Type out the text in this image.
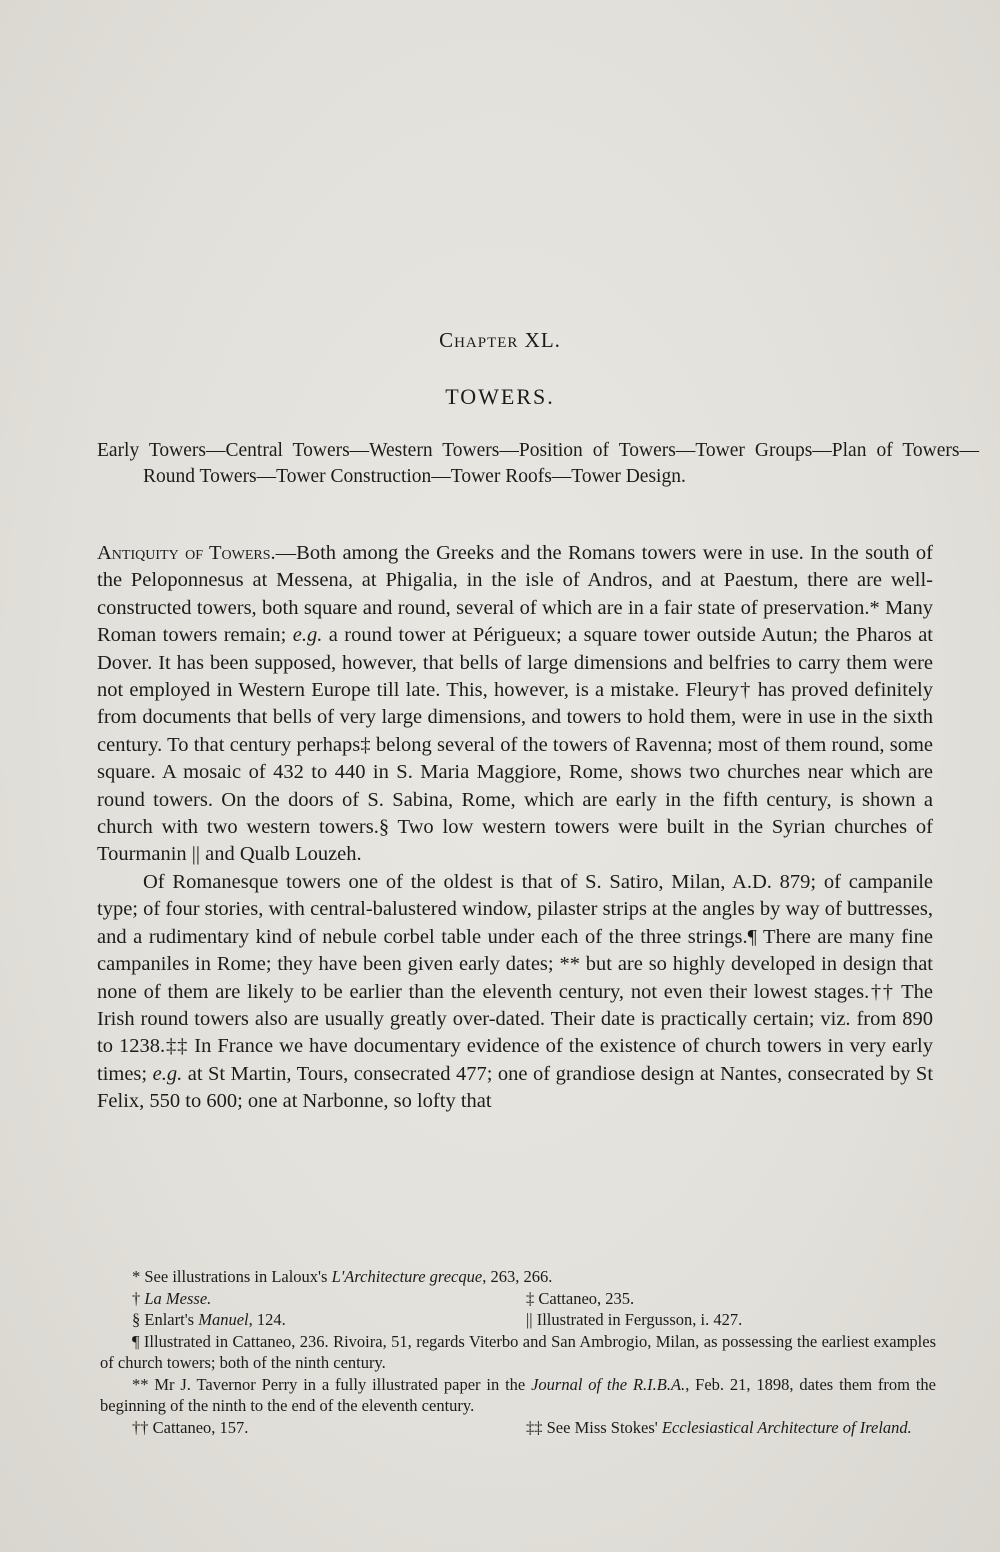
Chapter XL.
TOWERS.

Early Towers—Central Towers—Western Towers—Position of Towers—Tower Groups—Plan of Towers—Round Towers—Tower Construction—Tower Roofs—Tower Design.

Antiquity of Towers.—Both among the Greeks and the Romans towers were in use. In the south of the Peloponnesus at Messena, at Phigalia, in the isle of Andros, and at Paestum, there are well-constructed towers, both square and round, several of which are in a fair state of preservation.* Many Roman towers remain; e.g. a round tower at Périgueux; a square tower outside Autun; the Pharos at Dover. It has been supposed, however, that bells of large dimensions and belfries to carry them were not employed in Western Europe till late. This, however, is a mistake. Fleury† has proved definitely from documents that bells of very large dimensions, and towers to hold them, were in use in the sixth century. To that century perhaps‡ belong several of the towers of Ravenna; most of them round, some square. A mosaic of 432 to 440 in S. Maria Maggiore, Rome, shows two churches near which are round towers. On the doors of S. Sabina, Rome, which are early in the fifth century, is shown a church with two western towers.§ Two low western towers were built in the Syrian churches of Tourmanin || and Qualb Louzeh.

Of Romanesque towers one of the oldest is that of S. Satiro, Milan, A.D. 879; of campanile type; of four stories, with central-balustered window, pilaster strips at the angles by way of buttresses, and a rudimentary kind of nebule corbel table under each of the three strings.¶ There are many fine campaniles in Rome; they have been given early dates; ** but are so highly developed in design that none of them are likely to be earlier than the eleventh century, not even their lowest stages.†† The Irish round towers also are usually greatly over-dated. Their date is practically certain; viz. from 890 to 1238.‡‡ In France we have documentary evidence of the existence of church towers in very early times; e.g. at St Martin, Tours, consecrated 477; one of grandiose design at Nantes, consecrated by St Felix, 550 to 600; one at Narbonne, so lofty that

* See illustrations in Laloux's L'Architecture grecque, 263, 266.
† La Messe.	‡ Cattaneo, 235.
§ Enlart's Manuel, 124.	|| Illustrated in Fergusson, i. 427.

¶ Illustrated in Cattaneo, 236. Rivoira, 51, regards Viterbo and San Ambrogio, Milan, as possessing the earliest examples of church towers; both of the ninth century.

** Mr J. Tavernor Perry in a fully illustrated paper in the Journal of the R.I.B.A., Feb. 21, 1898, dates them from the beginning of the ninth to the end of the eleventh century.

†† Cattaneo, 157.	‡‡ See Miss Stokes' Ecclesiastical Architecture of Ireland.
